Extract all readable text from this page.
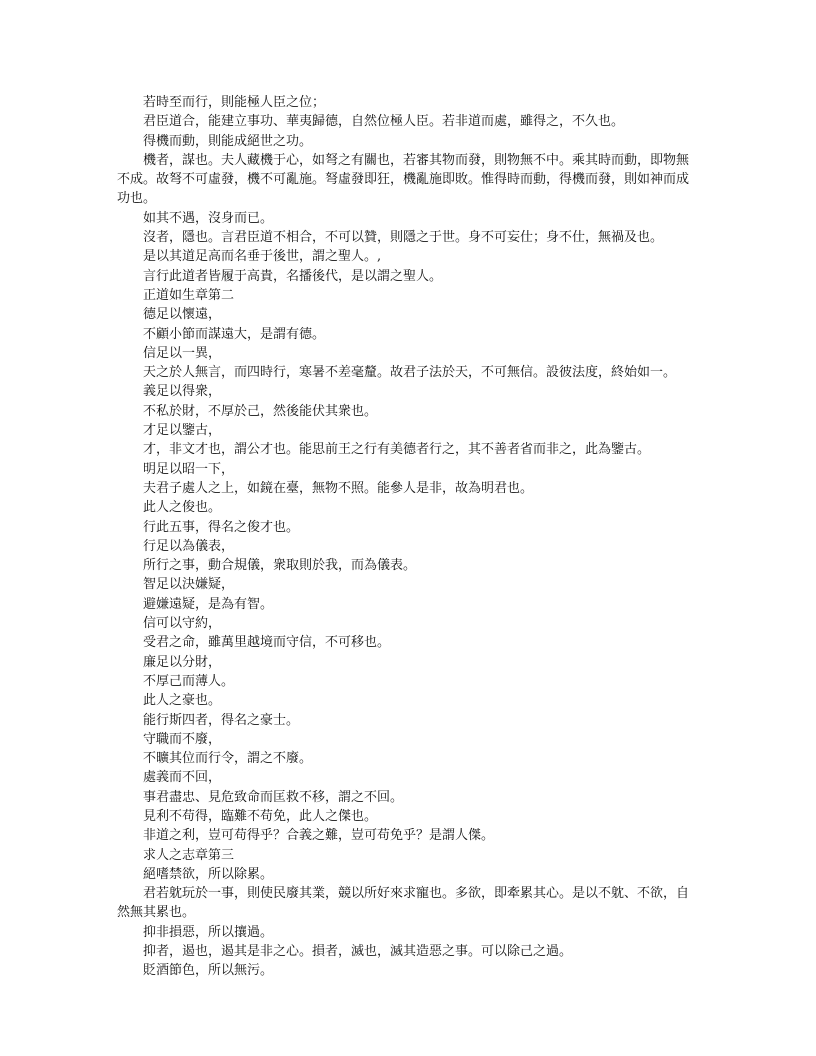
若時至而行，則能極人臣之位；

君臣道合，能建立事功、華夷歸德，自然位極人臣。若非道而處，雖得之，不久也。

得機而動，則能成絕世之功。

機者，謀也。夫人藏機于心，如弩之有關也，若審其物而發，則物無不中。乘其時而動，即物無不成。故弩不可虛發，機不可亂施。弩虛發即狂，機亂施即敗。惟得時而動，得機而發，則如神而成功也。

如其不遇，沒身而已。

沒者，隱也。言君臣道不相合，不可以贊，則隱之于世。身不可妄仕；身不仕，無禍及也。

是以其道足高而名垂于後世，謂之聖人。,

言行此道者皆履于高貴，名播後代，是以謂之聖人。

正道如生章第二

德足以懷遠，

不顧小節而謀遠大，是謂有德。

信足以一異，

天之於人無言，而四時行，寒暑不差毫釐。故君子法於天，不可無信。設彼法度，終始如一。

義足以得衆，

不私於財，不厚於己，然後能伏其衆也。

才足以鑒古，

才，非文才也，謂公才也。能思前王之行有美德者行之，其不善者省而非之，此為鑒古。

明足以昭一下，

夫君子處人之上，如鏡在臺，無物不照。能參人是非，故為明君也。

此人之俊也。

行此五事，得名之俊才也。

行足以為儀表，

所行之事，動合規儀，衆取則於我，而為儀表。

智足以決嫌疑，

避嫌遠疑，是為有智。

信可以守約，

受君之命，雖萬里越境而守信，不可移也。

廉足以分財，

不厚己而薄人。

此人之豪也。

能行斯四者，得名之豪士。

守職而不廢，

不曠其位而行令，謂之不廢。

處義而不回，

事君盡忠、見危致命而匡救不移，謂之不回。

見利不苟得，臨難不苟免，此人之傑也。

非道之利，豈可苟得乎？合義之難，豈可苟免乎？是謂人傑。

求人之志章第三

絕嗜禁欲，所以除累。

君若躭玩於一事，則使民廢其業，競以所好來求寵也。多欲，即牽累其心。是以不躭、不欲，自然無其累也。

抑非損惡，所以攘過。

抑者，遏也，遏其是非之心。損者，滅也，滅其造惡之事。可以除己之過。

貶酒節色，所以無污。
